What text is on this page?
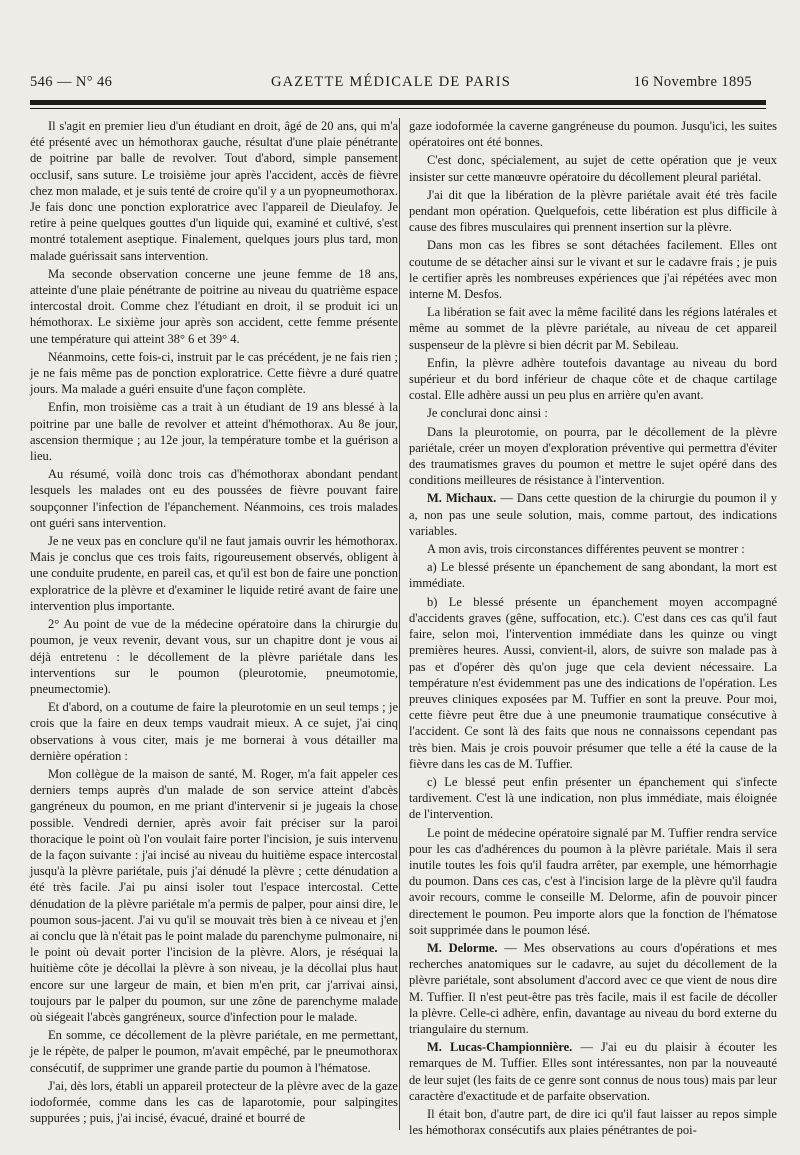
546 — N° 46	GAZETTE MÉDICALE DE PARIS	16 Novembre 1895

Il s'agit en premier lieu d'un étudiant en droit, âgé de 20 ans, qui m'a été présenté avec un hémothorax gauche, résultat d'une plaie pénétrante de poitrine par balle de revolver. Tout d'abord, simple pansement occlusif, sans suture. Le troisième jour après l'accident, accès de fièvre chez mon malade, et je suis tenté de croire qu'il y a un pyopneumothorax. Je fais donc une ponction exploratrice avec l'appareil de Dieulafoy. Je retire à peine quelques gouttes d'un liquide qui, examiné et cultivé, s'est montré totalement aseptique. Finalement, quelques jours plus tard, mon malade guérissait sans intervention.

Ma seconde observation concerne une jeune femme de 18 ans, atteinte d'une plaie pénétrante de poitrine au niveau du quatrième espace intercostal droit. Comme chez l'étudiant en droit, il se produit ici un hémothorax. Le sixième jour après son accident, cette femme présente une température qui atteint 38° 6 et 39° 4.

Néanmoins, cette fois-ci, instruit par le cas précédent, je ne fais rien ; je ne fais même pas de ponction exploratrice. Cette fièvre a duré quatre jours. Ma malade a guéri ensuite d'une façon complète.

Enfin, mon troisième cas a trait à un étudiant de 19 ans blessé à la poitrine par une balle de revolver et atteint d'hémothorax. Au 8e jour, ascension thermique ; au 12e jour, la température tombe et la guérison a lieu.

Au résumé, voilà donc trois cas d'hémothorax abondant pendant lesquels les malades ont eu des poussées de fièvre pouvant faire soupçonner l'infection de l'épanchement. Néanmoins, ces trois malades ont guéri sans intervention.

Je ne veux pas en conclure qu'il ne faut jamais ouvrir les hémothorax. Mais je conclus que ces trois faits, rigoureusement observés, obligent à une conduite prudente, en pareil cas, et qu'il est bon de faire une ponction exploratrice de la plèvre et d'examiner le liquide retiré avant de faire une intervention plus importante.

2° Au point de vue de la médecine opératoire dans la chirurgie du poumon, je veux revenir, devant vous, sur un chapitre dont je vous ai déjà entretenu : le décollement de la plèvre pariétale dans les interventions sur le poumon (pleurotomie, pneumotomie, pneumectomie).

Et d'abord, on a coutume de faire la pleurotomie en un seul temps ; je crois que la faire en deux temps vaudrait mieux. A ce sujet, j'ai cinq observations à vous citer, mais je me bornerai à vous détailler ma dernière opération :

Mon collègue de la maison de santé, M. Roger, m'a fait appeler ces derniers temps auprès d'un malade de son service atteint d'abcès gangréneux du poumon, en me priant d'intervenir si je jugeais la chose possible. Vendredi dernier, après avoir fait préciser sur la paroi thoracique le point où l'on voulait faire porter l'incision, je suis intervenu de la façon suivante : j'ai incisé au niveau du huitième espace intercostal jusqu'à la plèvre pariétale, puis j'ai dénudé la plèvre ; cette dénudation a été très facile. J'ai pu ainsi isoler tout l'espace intercostal. Cette dénudation de la plèvre pariétale m'a permis de palper, pour ainsi dire, le poumon sous-jacent. J'ai vu qu'il se mouvait très bien à ce niveau et j'en ai conclu que là n'était pas le point malade du parenchyme pulmonaire, ni le point où devait porter l'incision de la plèvre. Alors, je réséquai la huitième côte je décollai la plèvre à son niveau, je la décollai plus haut encore sur une largeur de main, et bien m'en prit, car j'arrivai ainsi, toujours par le palper du poumon, sur une zône de parenchyme malade où siégeait l'abcès gangréneux, source d'infection pour le malade.

En somme, ce décollement de la plèvre pariétale, en me permettant, je le répète, de palper le poumon, m'avait empêché, par le pneumothorax consécutif, de supprimer une grande partie du poumon à l'hématose.

J'ai, dès lors, établi un appareil protecteur de la plèvre avec de la gaze iodoformée, comme dans les cas de laparotomie, pour salpingites suppurées ; puis, j'ai incisé, évacué, drainé et bourré de

gaze iodoformée la caverne gangréneuse du poumon. Jusqu'ici, les suites opératoires ont été bonnes.

C'est donc, spécialement, au sujet de cette opération que je veux insister sur cette manœuvre opératoire du décollement pleural pariétal.

J'ai dit que la libération de la plèvre pariétale avait été très facile pendant mon opération. Quelquefois, cette libération est plus difficile à cause des fibres musculaires qui prennent insertion sur la plèvre.

Dans mon cas les fibres se sont détachées facilement. Elles ont coutume de se détacher ainsi sur le vivant et sur le cadavre frais ; je puis le certifier après les nombreuses expériences que j'ai répétées avec mon interne M. Desfos.

La libération se fait avec la même facilité dans les régions latérales et même au sommet de la plèvre pariétale, au niveau de cet appareil suspenseur de la plèvre si bien décrit par M. Sebileau.

Enfin, la plèvre adhère toutefois davantage au niveau du bord supérieur et du bord inférieur de chaque côte et de chaque cartilage costal. Elle adhère aussi un peu plus en arrière qu'en avant.

Je conclurai donc ainsi :

Dans la pleurotomie, on pourra, par le décollement de la plèvre pariétale, créer un moyen d'exploration préventive qui permettra d'éviter des traumatismes graves du poumon et mettre le sujet opéré dans des conditions meilleures de résistance à l'intervention.

M. Michaux. — Dans cette question de la chirurgie du poumon il y a, non pas une seule solution, mais, comme partout, des indications variables.

A mon avis, trois circonstances différentes peuvent se montrer :

a) Le blessé présente un épanchement de sang abondant, la mort est immédiate.

b) Le blessé présente un épanchement moyen accompagné d'accidents graves (gêne, suffocation, etc.). C'est dans ces cas qu'il faut faire, selon moi, l'intervention immédiate dans les quinze ou vingt premières heures. Aussi, convient-il, alors, de suivre son malade pas à pas et d'opérer dès qu'on juge que cela devient nécessaire. La température n'est évidemment pas une des indications de l'opération. Les preuves cliniques exposées par M. Tuffier en sont la preuve. Pour moi, cette fièvre peut être due à une pneumonie traumatique consécutive à l'accident. Ce sont là des faits que nous ne connaissons cependant pas très bien. Mais je crois pouvoir présumer que telle a été la cause de la fièvre dans les cas de M. Tuffier.

c) Le blessé peut enfin présenter un épanchement qui s'infecte tardivement. C'est là une indication, non plus immédiate, mais éloignée de l'intervention.

Le point de médecine opératoire signalé par M. Tuffier rendra service pour les cas d'adhérences du poumon à la plèvre pariétale. Mais il sera inutile toutes les fois qu'il faudra arrêter, par exemple, une hémorrhagie du poumon. Dans ces cas, c'est à l'incision large de la plèvre qu'il faudra avoir recours, comme le conseille M. Delorme, afin de pouvoir pincer directement le poumon. Peu importe alors que la fonction de l'hématose soit supprimée dans le poumon lésé.

M. Delorme. — Mes observations au cours d'opérations et mes recherches anatomiques sur le cadavre, au sujet du décollement de la plèvre pariétale, sont absolument d'accord avec ce que vient de nous dire M. Tuffier. Il n'est peut-être pas très facile, mais il est facile de décoller la plèvre. Celle-ci adhère, enfin, davantage au niveau du bord externe du triangulaire du sternum.

M. Lucas-Championnière. — J'ai eu du plaisir à écouter les remarques de M. Tuffier. Elles sont intéressantes, non par la nouveauté de leur sujet (les faits de ce genre sont connus de nous tous) mais par leur caractère d'exactitude et de parfaite observation.

Il était bon, d'autre part, de dire ici qu'il faut laisser au repos simple les hémothorax consécutifs aux plaies pénétrantes de poi-
